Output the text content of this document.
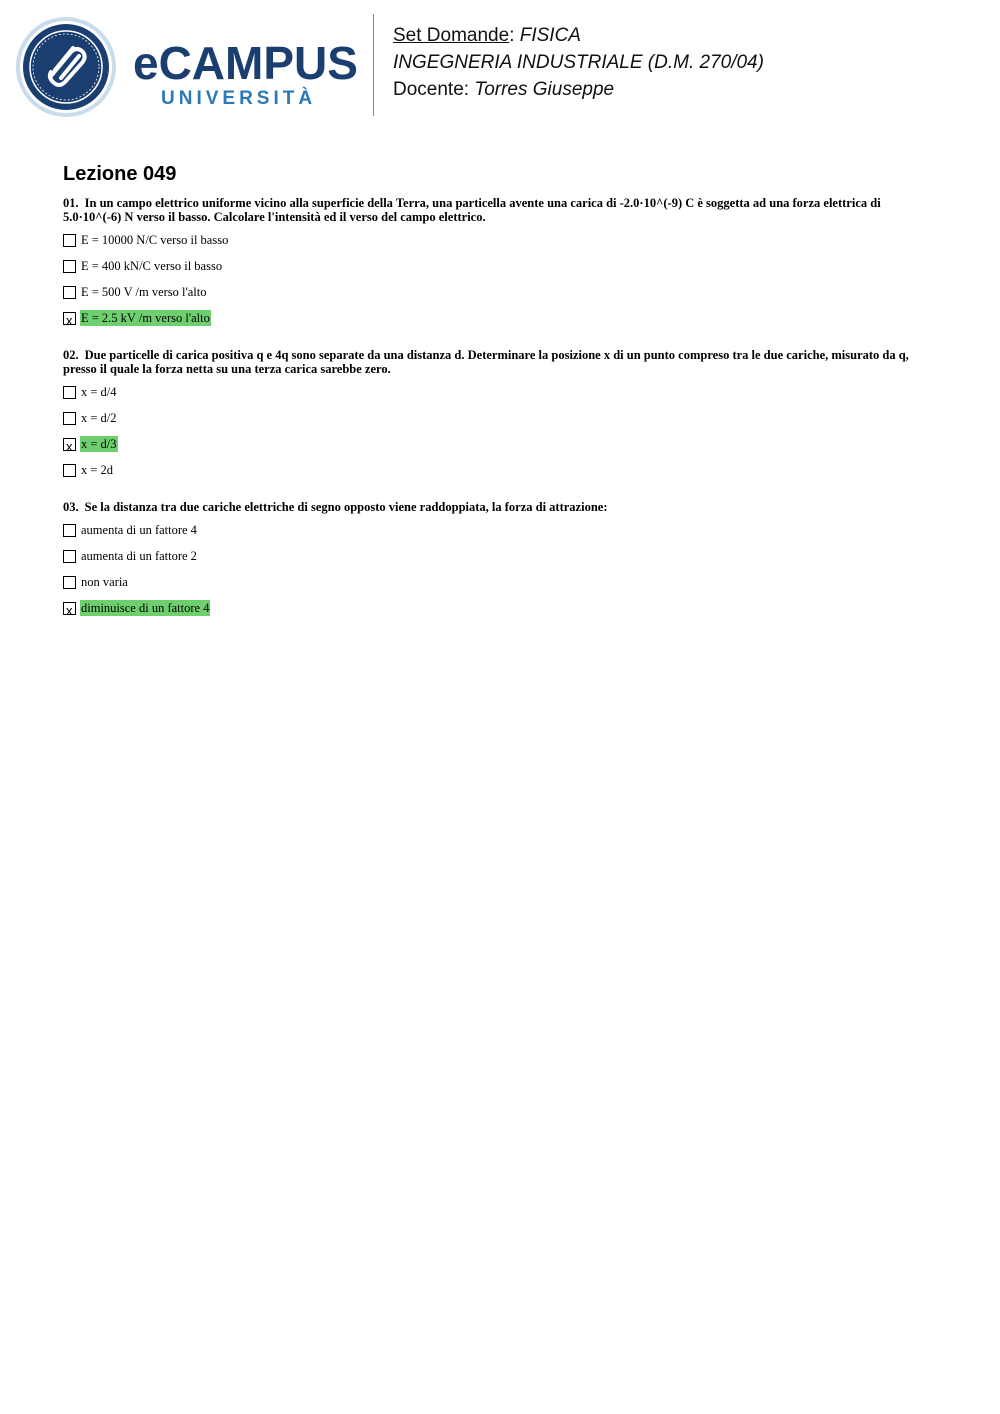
eCAMPUS
UNIVERSITÀ
Set Domande: FISICA
INGEGNERIA INDUSTRIALE (D.M. 270/04)
Docente: Torres Giuseppe
Lezione 049

01. In un campo elettrico uniforme vicino alla superficie della Terra, una particella avente una carica di -2.0·10^(-9) C è soggetta ad una forza elettrica di 5.0·10^(-6) N verso il basso. Calcolare l'intensità ed il verso del campo elettrico.

E = 10000 N/C verso il basso
E = 400 kN/C verso il basso
E = 500 V /m verso l'alto
x E = 2.5 kV /m verso l'alto

02. Due particelle di carica positiva q e 4q sono separate da una distanza d. Determinare la posizione x di un punto compreso tra le due cariche, misurato da q, presso il quale la forza netta su una terza carica sarebbe zero.

x = d/4
x = d/2
x x = d/3
x = 2d

03. Se la distanza tra due cariche elettriche di segno opposto viene raddoppiata, la forza di attrazione:

aumenta di un fattore 4
aumenta di un fattore 2
non varia
x diminuisce di un fattore 4
